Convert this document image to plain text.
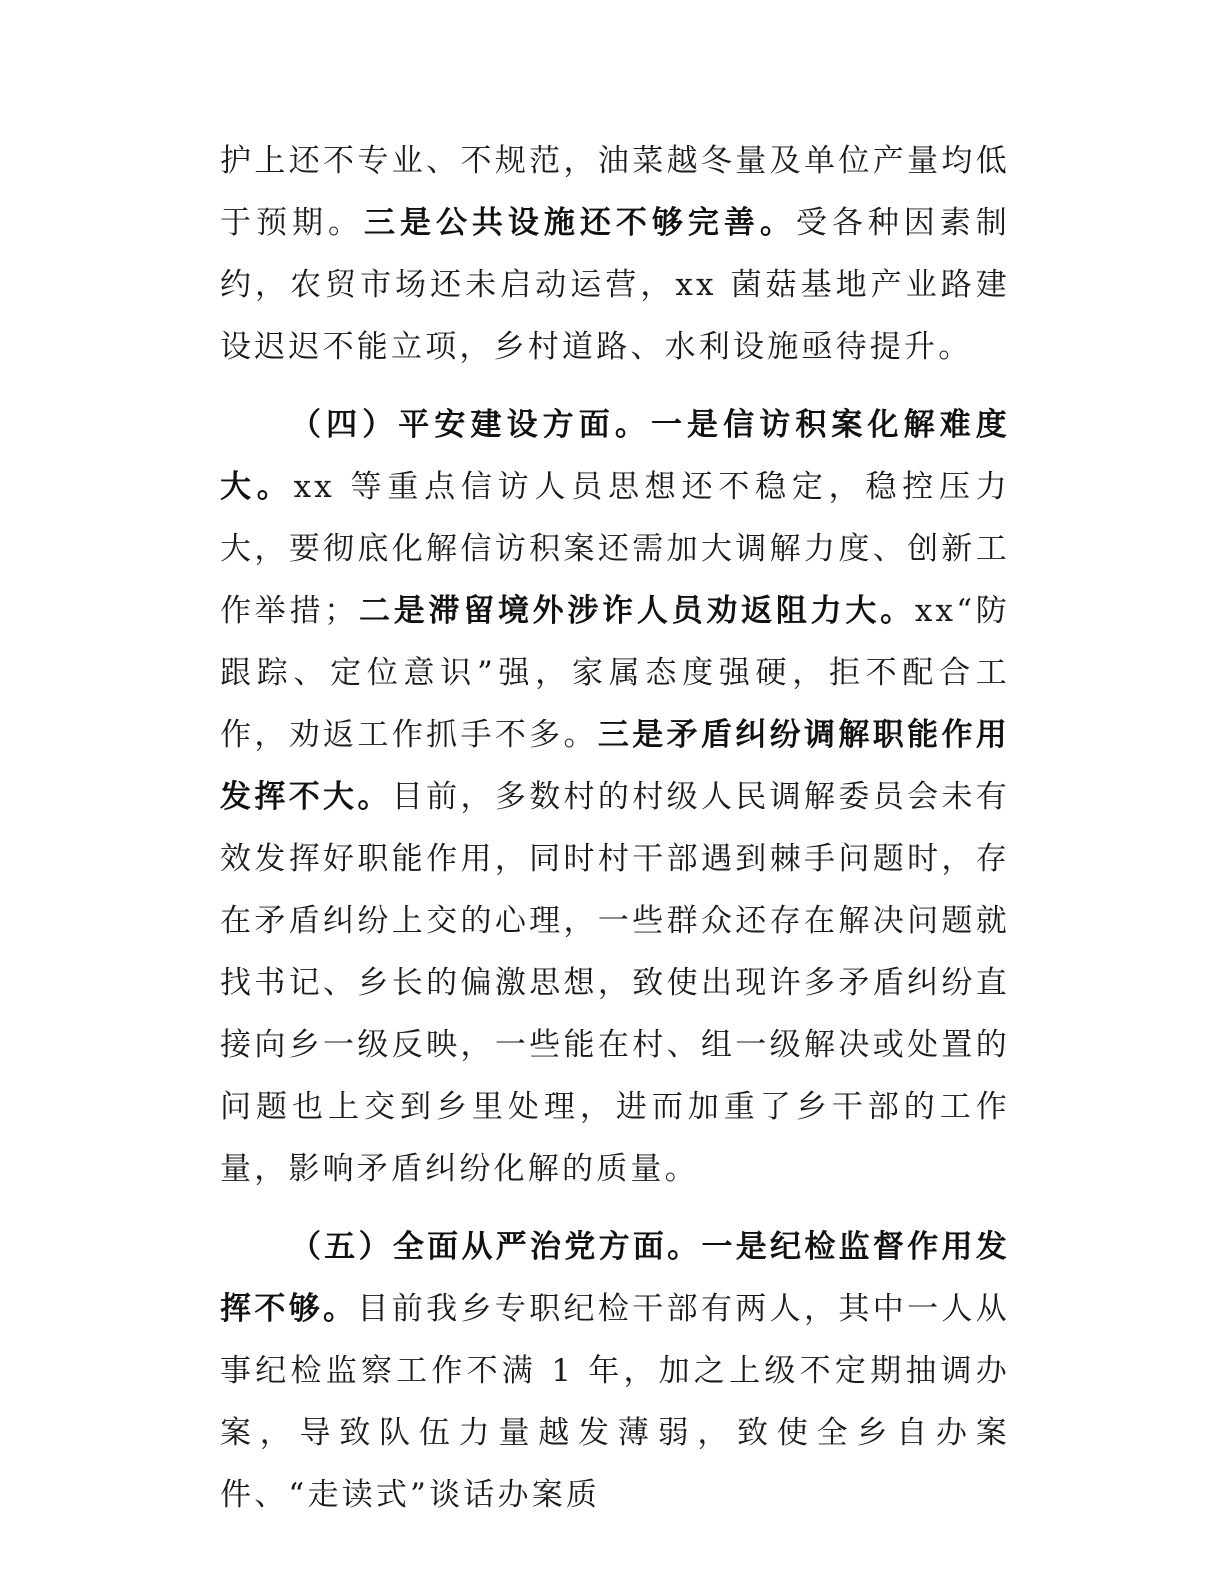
护上还不专业、不规范，油菜越冬量及单位产量均低于预期。三是公共设施还不够完善。受各种因素制约，农贸市场还未启动运营，xx 菌菇基地产业路建设迟迟不能立项，乡村道路、水利设施亟待提升。

（四）平安建设方面。一是信访积案化解难度大。xx 等重点信访人员思想还不稳定，稳控压力大，要彻底化解信访积案还需加大调解力度、创新工作举措；二是滞留境外涉诈人员劝返阻力大。xx“防跟踪、定位意识”强，家属态度强硬，拒不配合工作，劝返工作抓手不多。三是矛盾纠纷调解职能作用发挥不大。目前，多数村的村级人民调解委员会未有效发挥好职能作用，同时村干部遇到棘手问题时，存在矛盾纠纷上交的心理，一些群众还存在解决问题就找书记、乡长的偏激思想，致使出现许多矛盾纠纷直接向乡一级反映，一些能在村、组一级解决或处置的问题也上交到乡里处理，进而加重了乡干部的工作量，影响矛盾纠纷化解的质量。

（五）全面从严治党方面。一是纪检监督作用发挥不够。目前我乡专职纪检干部有两人，其中一人从事纪检监察工作不满 1 年，加之上级不定期抽调办案，导致队伍力量越发薄弱，致使全乡自办案件、“走读式”谈话办案质
